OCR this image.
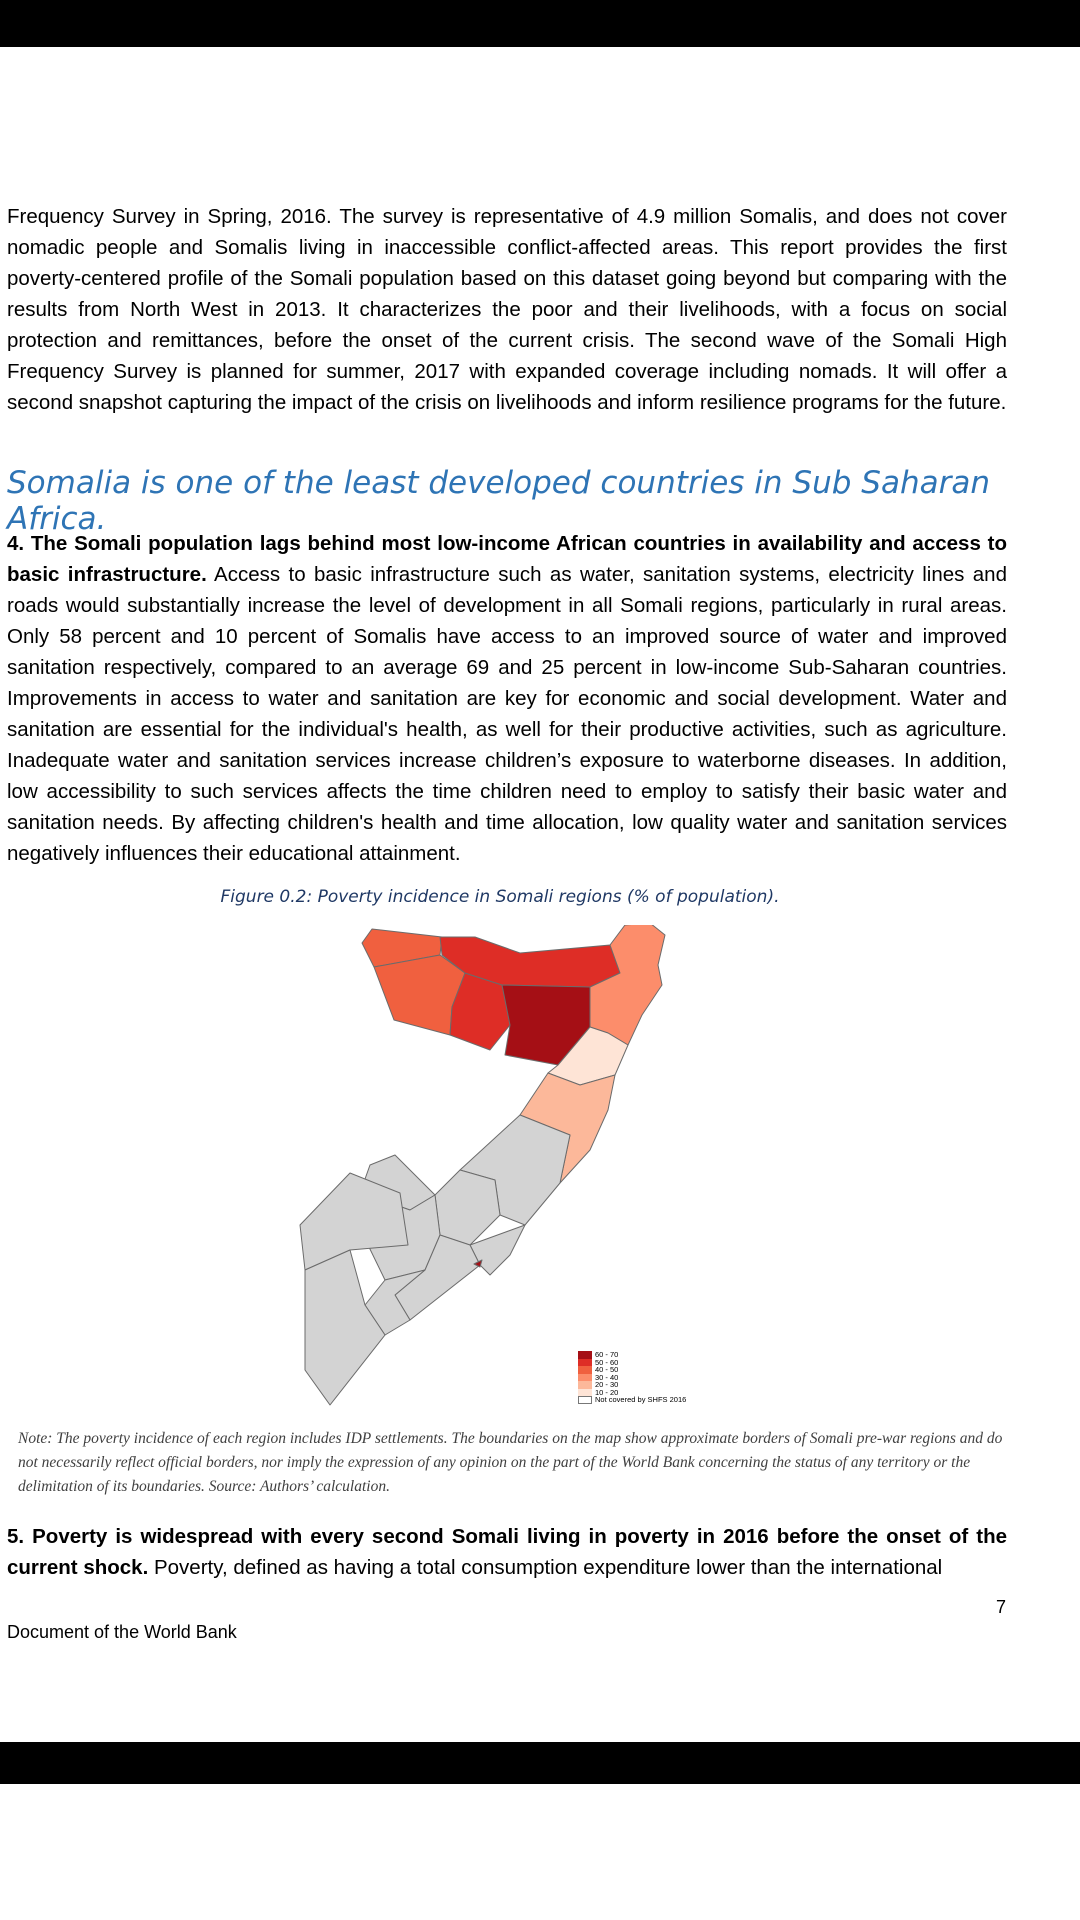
Frequency Survey in Spring, 2016. The survey is representative of 4.9 million Somalis, and does not cover nomadic people and Somalis living in inaccessible conflict-affected areas. This report provides the first poverty-centered profile of the Somali population based on this dataset going beyond but comparing with the results from North West in 2013. It characterizes the poor and their livelihoods, with a focus on social protection and remittances, before the onset of the current crisis. The second wave of the Somali High Frequency Survey is planned for summer, 2017 with expanded coverage including nomads. It will offer a second snapshot capturing the impact of the crisis on livelihoods and inform resilience programs for the future.

Somalia is one of the least developed countries in Sub Saharan Africa.

4. The Somali population lags behind most low-income African countries in availability and access to basic infrastructure. Access to basic infrastructure such as water, sanitation systems, electricity lines and roads would substantially increase the level of development in all Somali regions, particularly in rural areas. Only 58 percent and 10 percent of Somalis have access to an improved source of water and improved sanitation respectively, compared to an average 69 and 25 percent in low-income Sub-Saharan countries. Improvements in access to water and sanitation are key for economic and social development. Water and sanitation are essential for the individual's health, as well for their productive activities, such as agriculture. Inadequate water and sanitation services increase children’s exposure to waterborne diseases. In addition, low accessibility to such services affects the time children need to employ to satisfy their basic water and sanitation needs. By affecting children's health and time allocation, low quality water and sanitation services negatively influences their educational attainment.

Figure 0.2: Poverty incidence in Somali regions (% of population).
60 - 70
50 - 60
40 - 50
30 - 40
20 - 30
10 - 20
Not covered by SHFS 2016

Note: The poverty incidence of each region includes IDP settlements. The boundaries on the map show approximate borders of Somali pre-war regions and do not necessarily reflect official borders, nor imply the expression of any opinion on the part of the World Bank concerning the status of any territory or the delimitation of its boundaries. Source: Authors’ calculation.

5. Poverty is widespread with every second Somali living in poverty in 2016 before the onset of the current shock. Poverty, defined as having a total consumption expenditure lower than the international

7
Document of the World Bank
